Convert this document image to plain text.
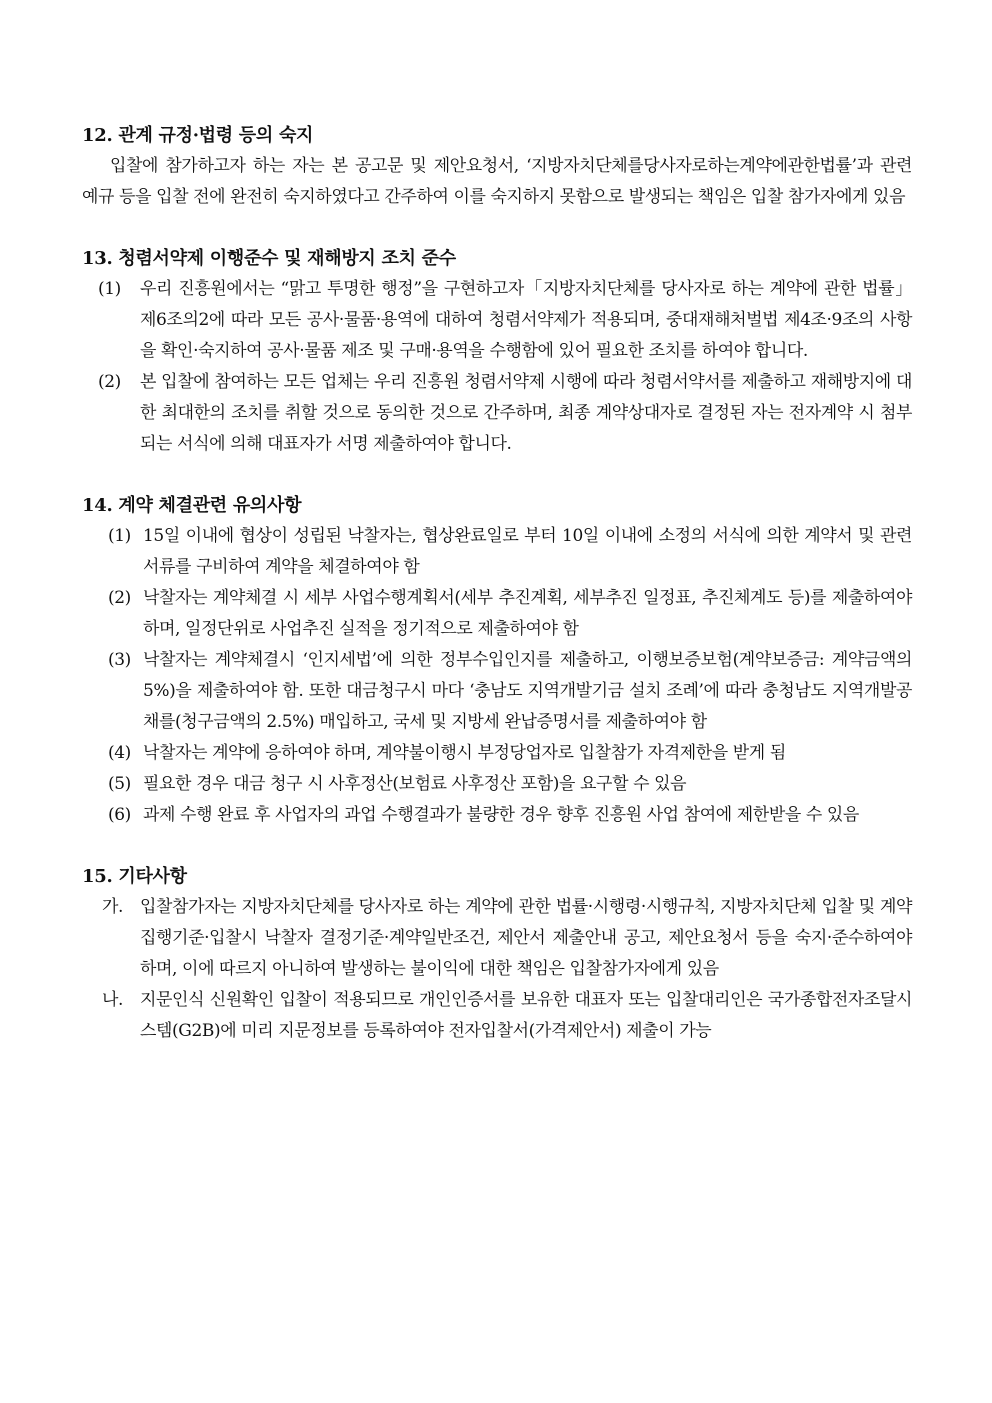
12. 관계 규정·법령 등의 숙지

입찰에 참가하고자 하는 자는 본 공고문 및 제안요청서, ‘지방자치단체를당사자로하는계약에관한법률’과 관련 예규 등을 입찰 전에 완전히 숙지하였다고 간주하여 이를 숙지하지 못함으로 발생되는 책임은 입찰 참가자에게 있음

13. 청렴서약제 이행준수 및 재해방지 조치 준수
(1) 우리 진흥원에서는 “맑고 투명한 행정”을 구현하고자「지방자치단체를 당사자로 하는 계약에 관한 법률」제6조의2에 따라 모든 공사·물품·용역에 대하여 청렴서약제가 적용되며, 중대재해처벌법 제4조·9조의 사항을 확인·숙지하여 공사·물품 제조 및 구매·용역을 수행함에 있어 필요한 조치를 하여야 합니다.
(2) 본 입찰에 참여하는 모든 업체는 우리 진흥원 청렴서약제 시행에 따라 청렴서약서를 제출하고 재해방지에 대한 최대한의 조치를 취할 것으로 동의한 것으로 간주하며, 최종 계약상대자로 결정된 자는 전자계약 시 첨부되는 서식에 의해 대표자가 서명 제출하여야 합니다.
14. 계약 체결관련 유의사항
(1) 15일 이내에 협상이 성립된 낙찰자는, 협상완료일로 부터 10일 이내에 소정의 서식에 의한 계약서 및 관련서류를 구비하여 계약을 체결하여야 함
(2) 낙찰자는 계약체결 시 세부 사업수행계획서(세부 추진계획, 세부추진 일정표, 추진체계도 등)를 제출하여야 하며, 일정단위로 사업추진 실적을 정기적으로 제출하여야 함
(3) 낙찰자는 계약체결시 ‘인지세법’에 의한 정부수입인지를 제출하고, 이행보증보험(계약보증금: 계약금액의 5%)을 제출하여야 함. 또한 대금청구시 마다 ‘충남도 지역개발기금 설치 조례’에 따라 충청남도 지역개발공채를(청구금액의 2.5%) 매입하고, 국세 및 지방세 완납증명서를 제출하여야 함
(4) 낙찰자는 계약에 응하여야 하며, 계약불이행시 부정당업자로 입찰참가 자격제한을 받게 됨
(5) 필요한 경우 대금 청구 시 사후정산(보험료 사후정산 포함)을 요구할 수 있음
(6) 과제 수행 완료 후 사업자의 과업 수행결과가 불량한 경우 향후 진흥원 사업 참여에 제한받을 수 있음
15. 기타사항
가. 입찰참가자는 지방자치단체를 당사자로 하는 계약에 관한 법률·시행령·시행규칙, 지방자치단체 입찰 및 계약 집행기준·입찰시 낙찰자 결정기준·계약일반조건, 제안서 제출안내 공고, 제안요청서 등을 숙지·준수하여야 하며, 이에 따르지 아니하여 발생하는 불이익에 대한 책임은 입찰참가자에게 있음
나. 지문인식 신원확인 입찰이 적용되므로 개인인증서를 보유한 대표자 또는 입찰대리인은 국가종합전자조달시스템(G2B)에 미리 지문정보를 등록하여야 전자입찰서(가격제안서) 제출이 가능
